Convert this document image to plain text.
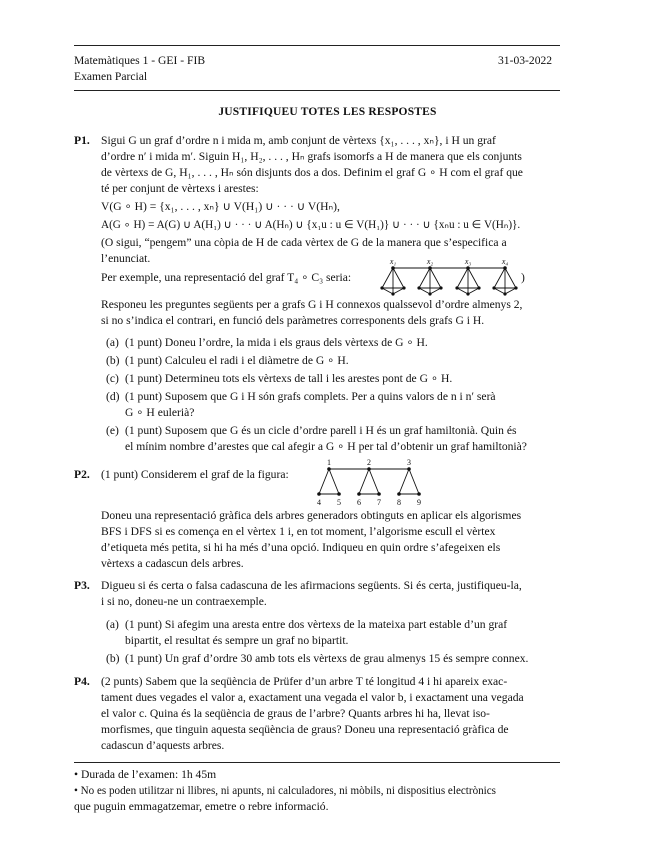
Matemàtiques 1 - GEI - FIB
Examen Parcial
31-03-2022
JUSTIFIQUEU TOTES LES RESPOSTES
P1. Sigui G un graf d’ordre n i mida m, amb conjunt de vèrtexs {x₁, . . . , xₙ}, i H un graf
d’ordre n′ i mida m′. Siguin H₁, H₂, . . . , Hₙ grafs isomorfs a H de manera que els conjunts
de vèrtexs de G, H₁, . . . , Hₙ són disjunts dos a dos. Definim el graf G ∘ H com el graf que
té per conjunt de vèrtexs i arestes:
V(G ∘ H) = {x₁, . . . , xₙ} ∪ V(H₁) ∪ · · · ∪ V(Hₙ),
A(G ∘ H) = A(G) ∪ A(H₁) ∪ · · · ∪ A(Hₙ) ∪ {x₁u : u ∈ V(H₁)} ∪ · · · ∪ {xₙu : u ∈ V(Hₙ)}.
(O sigui, “pengem” una còpia de H de cada vèrtex de G de la manera que s’especifica a
l’enunciat.
Per exemple, una representació del graf T₄ ∘ C₃ seria:	)
x₁	x₂	x₃	x₄
Responeu les preguntes següents per a grafs G i H connexos qualssevol d’ordre almenys 2,
si no s’indica el contrari, en funció dels paràmetres corresponents dels grafs G i H.
(a) (1 punt) Doneu l’ordre, la mida i els graus dels vèrtexs de G ∘ H.
(b) (1 punt) Calculeu el radi i el diàmetre de G ∘ H.
(c) (1 punt) Determineu tots els vèrtexs de tall i les arestes pont de G ∘ H.
(d) (1 punt) Suposem que G i H són grafs complets. Per a quins valors de n i n′ serà
G ∘ H eulerià?
(e) (1 punt) Suposem que G és un cicle d’ordre parell i H és un graf hamiltonià. Quin és
el mínim nombre d’arestes que cal afegir a G ∘ H per tal d’obtenir un graf hamiltonià?
P2. (1 punt) Considerem el graf de la figura:
1	2	3
4 5 6 7 8 9
Doneu una representació gràfica dels arbres generadors obtinguts en aplicar els algorismes
BFS i DFS si es comença en el vèrtex 1 i, en tot moment, l’algorisme escull el vèrtex
d’etiqueta més petita, si hi ha més d’una opció. Indiqueu en quin ordre s’afegeixen els
vèrtexs a cadascun dels arbres.
P3. Digueu si és certa o falsa cadascuna de les afirmacions següents. Si és certa, justifiqueu-la,
i si no, doneu-ne un contraexemple.
(a) (1 punt) Si afegim una aresta entre dos vèrtexs de la mateixa part estable d’un graf
bipartit, el resultat és sempre un graf no bipartit.
(b) (1 punt) Un graf d’ordre 30 amb tots els vèrtexs de grau almenys 15 és sempre connex.
P4. (2 punts) Sabem que la seqüència de Prüfer d’un arbre T té longitud 4 i hi apareix exac-
tament dues vegades el valor a, exactament una vegada el valor b, i exactament una vegada
el valor c. Quina és la seqüència de graus de l’arbre? Quants arbres hi ha, llevat iso-
morfismes, que tinguin aquesta seqüència de graus? Doneu una representació gràfica de
cadascun d’aquests arbres.
• Durada de l’examen: 1h 45m
• No es poden utilitzar ni llibres, ni apunts, ni calculadores, ni mòbils, ni dispositius electrònics
que puguin emmagatzemar, emetre o rebre informació.
